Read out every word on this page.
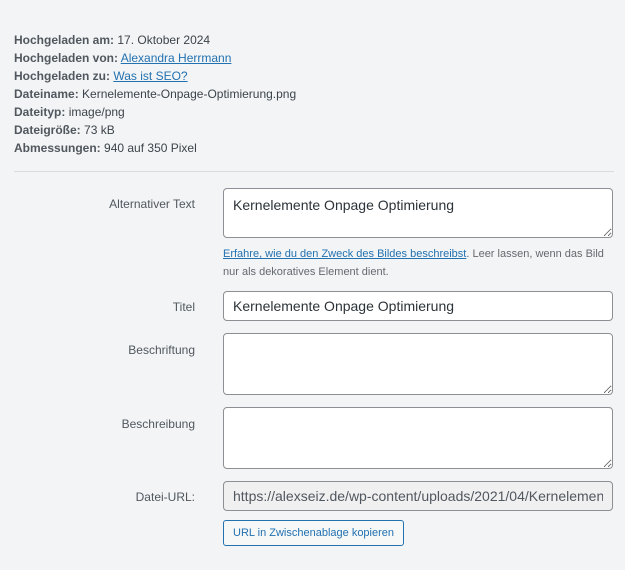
Hochgeladen am: 17. Oktober 2024
Hochgeladen von: Alexandra Herrmann
Hochgeladen zu: Was ist SEO?
Dateiname: Kernelemente-Onpage-Optimierung.png
Dateityp: image/png
Dateigröße: 73 kB
Abmessungen: 940 auf 350 Pixel
Alternativer Text
Kernelemente Onpage Optimierung
Erfahre, wie du den Zweck des Bildes beschreibst. Leer lassen, wenn das Bild nur als dekoratives Element dient.
Titel
Kernelemente Onpage Optimierung
Beschriftung
Beschreibung
Datei-URL:
https://alexseiz.de/wp-content/uploads/2021/04/Kernelemente-Onpage-Optimierung.png
URL in Zwischenablage kopieren
